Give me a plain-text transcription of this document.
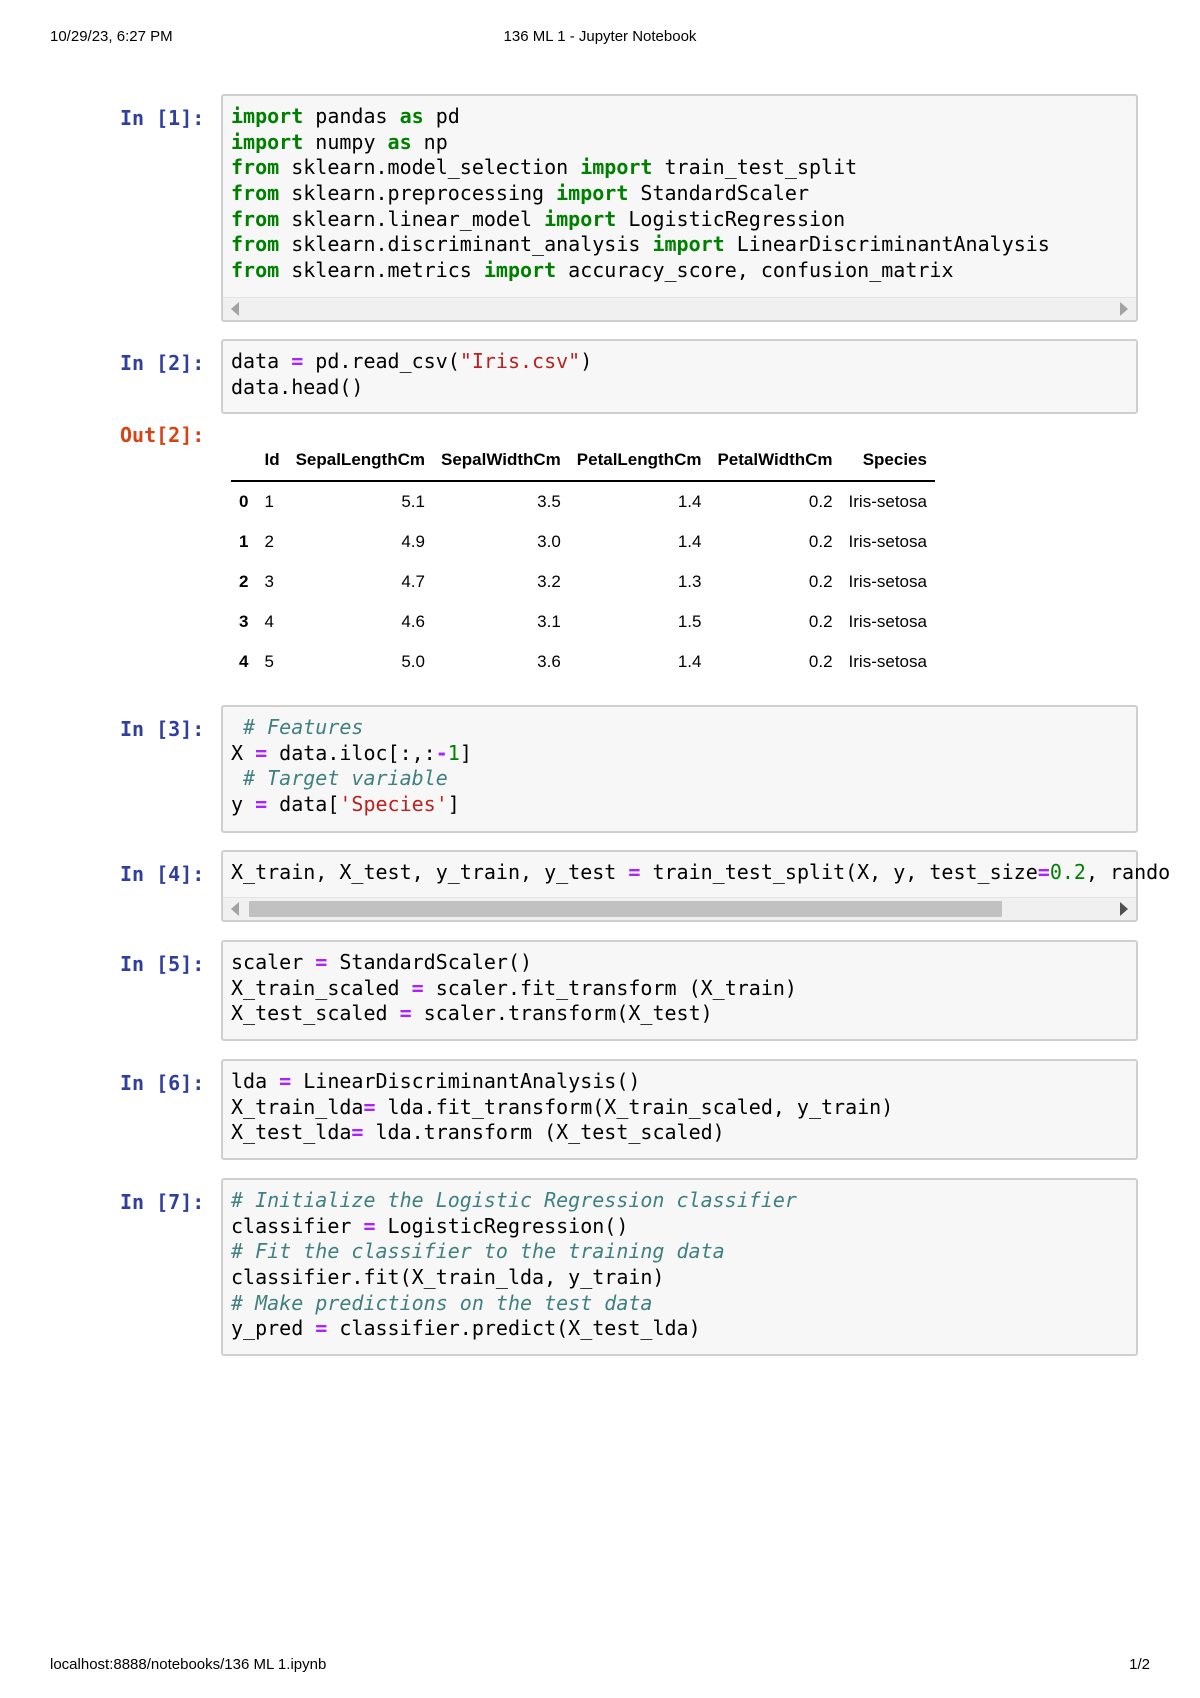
10/29/23, 6:27 PM	136 ML 1 - Jupyter Notebook
In [1]:	import pandas as pd
import numpy as np
from sklearn.model_selection import train_test_split
from sklearn.preprocessing import StandardScaler
from sklearn.linear_model import LogisticRegression
from sklearn.discriminant_analysis import LinearDiscriminantAnalysis
from sklearn.metrics import accuracy_score, confusion_matrix
In [2]:	data = pd.read_csv("Iris.csv")
data.head()
Out[2]:
	Id	SepalLengthCm	SepalWidthCm	PetalLengthCm	PetalWidthCm	Species
0	1	5.1	3.5	1.4	0.2	Iris-setosa
1	2	4.9	3.0	1.4	0.2	Iris-setosa
2	3	4.7	3.2	1.3	0.2	Iris-setosa
3	4	4.6	3.1	1.5	0.2	Iris-setosa
4	5	5.0	3.6	1.4	0.2	Iris-setosa
In [3]:	# Features
X = data.iloc[:,:-1]
# Target variable
y = data['Species']
In [4]:	X_train, X_test, y_train, y_test = train_test_split(X, y, test_size=0.2, rando
In [5]:	scaler = StandardScaler()
X_train_scaled = scaler.fit_transform (X_train)
X_test_scaled = scaler.transform(X_test)
In [6]:	lda = LinearDiscriminantAnalysis()
X_train_lda= lda.fit_transform(X_train_scaled, y_train)
X_test_lda= lda.transform (X_test_scaled)
In [7]:	# Initialize the Logistic Regression classifier
classifier = LogisticRegression()
# Fit the classifier to the training data
classifier.fit(X_train_lda, y_train)
# Make predictions on the test data
y_pred = classifier.predict(X_test_lda)
localhost:8888/notebooks/136 ML 1.ipynb	1/2
